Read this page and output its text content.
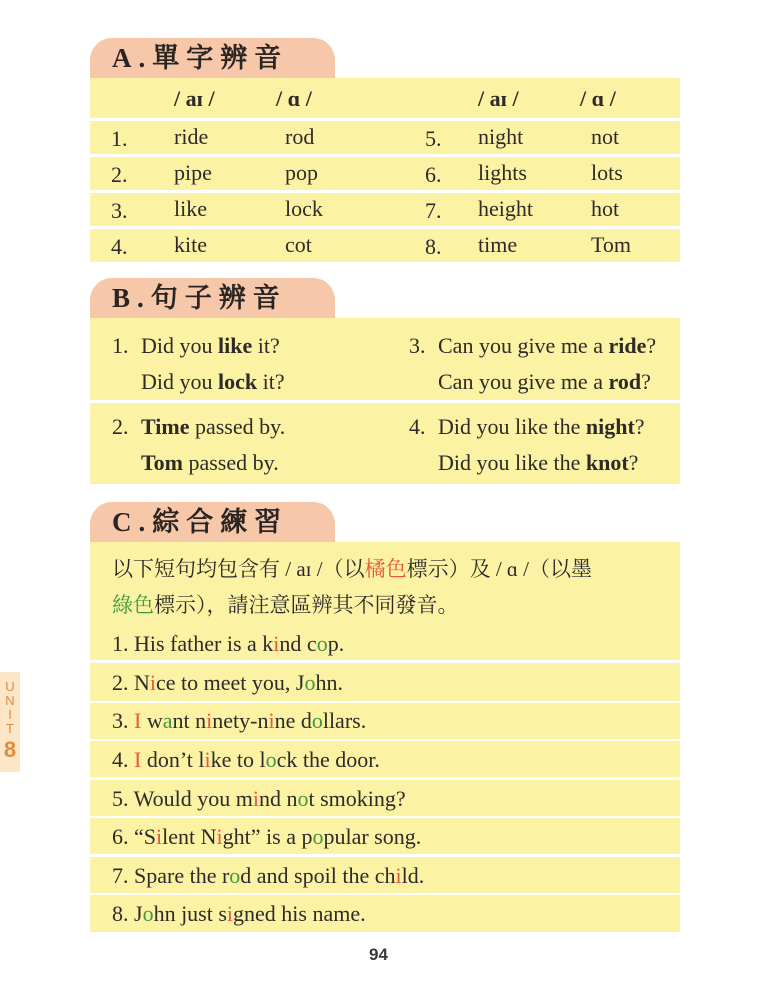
A.單字辨音
/ aɪ /	/ ɑ /	/ aɪ /	/ ɑ /
1. ride	rod	5. night	not
2. pipe	pop	6. lights	lots
3. like	lock	7. height	hot
4. kite	cot	8. time	Tom
B.句子辨音
1. Did you like it?
Did you lock it?
3. Can you give me a ride?
Can you give me a rod?
2. Time passed by.
Tom passed by.
4. Did you like the night?
Did you like the knot?
C.綜合練習
以下短句均包含有 / aɪ /（以橘色標示）及 / ɑ /（以墨
綠色標示），請注意區辨其不同發音。
1. His father is a kind cop.
2. Nice to meet you, John.
3. I want ninety-nine dollars.
4. I don’t like to lock the door.
5. Would you mind not smoking?
6. “Silent Night” is a popular song.
7. Spare the rod and spoil the child.
8. John just signed his name.
U
N
I
T
8
94
